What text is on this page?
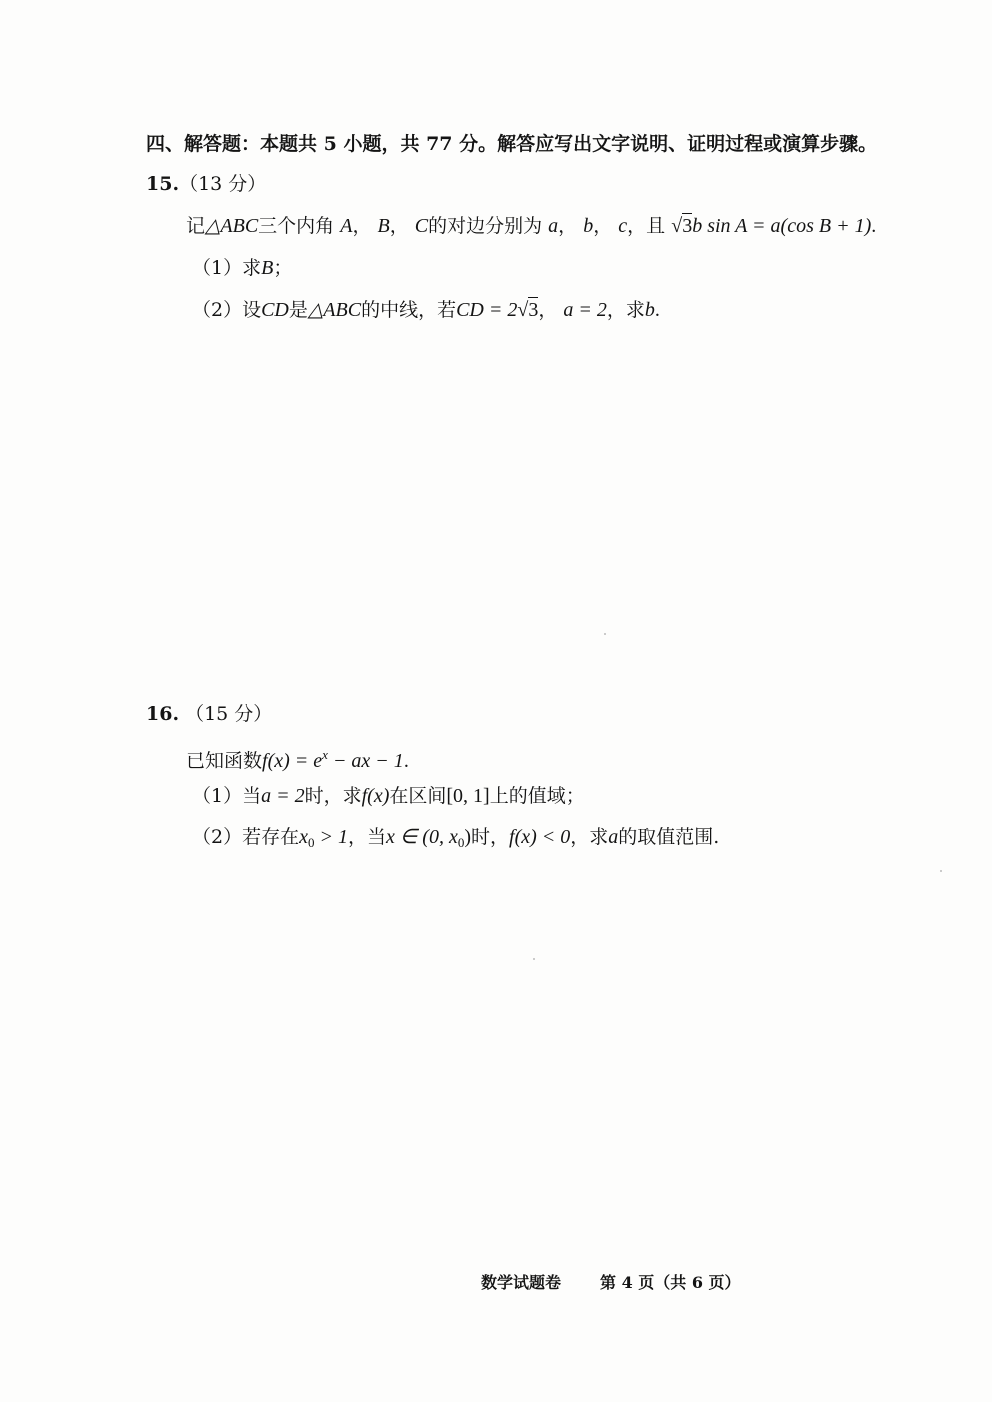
四、解答题：本题共 5 小题，共 77 分。解答应写出文字说明、证明过程或演算步骤。
15.（13 分）
记△ABC三个内角 A， B， C的对边分别为 a， b， c，且 √3b sin A = a(cos B + 1).
（1）求B；
（2）设CD是△ABC的中线，若CD = 2√3， a = 2，求b.
16. （15 分）
已知函数$f(x) = e^x$ − ax − 1.
（1）当a = 2时，求f(x)在区间[0, 1]上的值域；
（2）若存在$x_0 > 1$，当x ∈ (0, $x_0$)时，f(x) < 0，求a的取值范围.
数学试题卷 第 4 页（共 6 页）
